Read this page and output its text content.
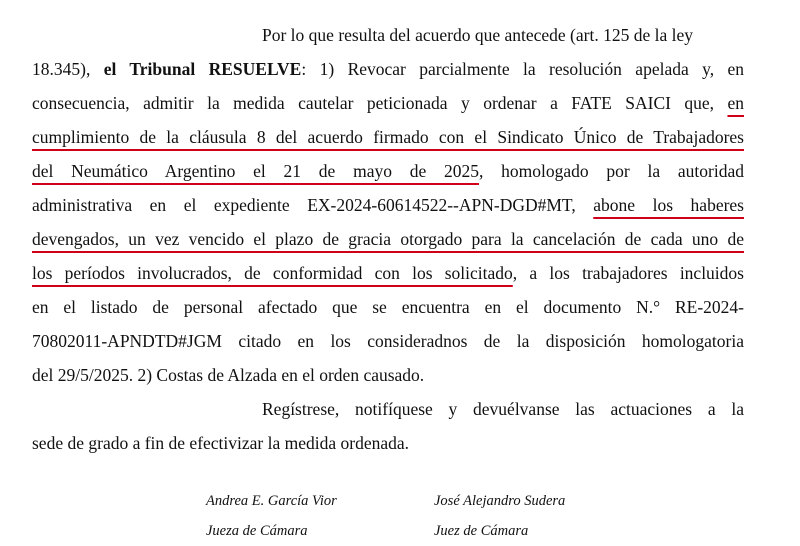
Por lo que resulta del acuerdo que antecede (art. 125 de la ley
18.345), el Tribunal RESUELVE: 1) Revocar parcialmente la resolución apelada y, en
consecuencia, admitir la medida cautelar peticionada y ordenar a FATE SAICI que, en
cumplimiento de la cláusula 8 del acuerdo firmado con el Sindicato Único de Trabajadores
del Neumático Argentino el 21 de mayo de 2025, homologado por la autoridad
administrativa en el expediente EX-2024-60614522--APN-DGD#MT, abone los haberes
devengados, un vez vencido el plazo de gracia otorgado para la cancelación de cada uno de
los períodos involucrados, de conformidad con los solicitado, a los trabajadores incluidos
en el listado de personal afectado que se encuentra en el documento N.° RE-2024-
70802011-APNDTD#JGM citado en los consideradnos de la disposición homologatoria
del 29/5/2025. 2) Costas de Alzada en el orden causado.
Regístrese, notifíquese y devuélvanse las actuaciones a la
sede de grado a fin de efectivizar la medida ordenada.
Andrea E. García Vior
Jueza de Cámara
José Alejandro Sudera
Juez de Cámara
